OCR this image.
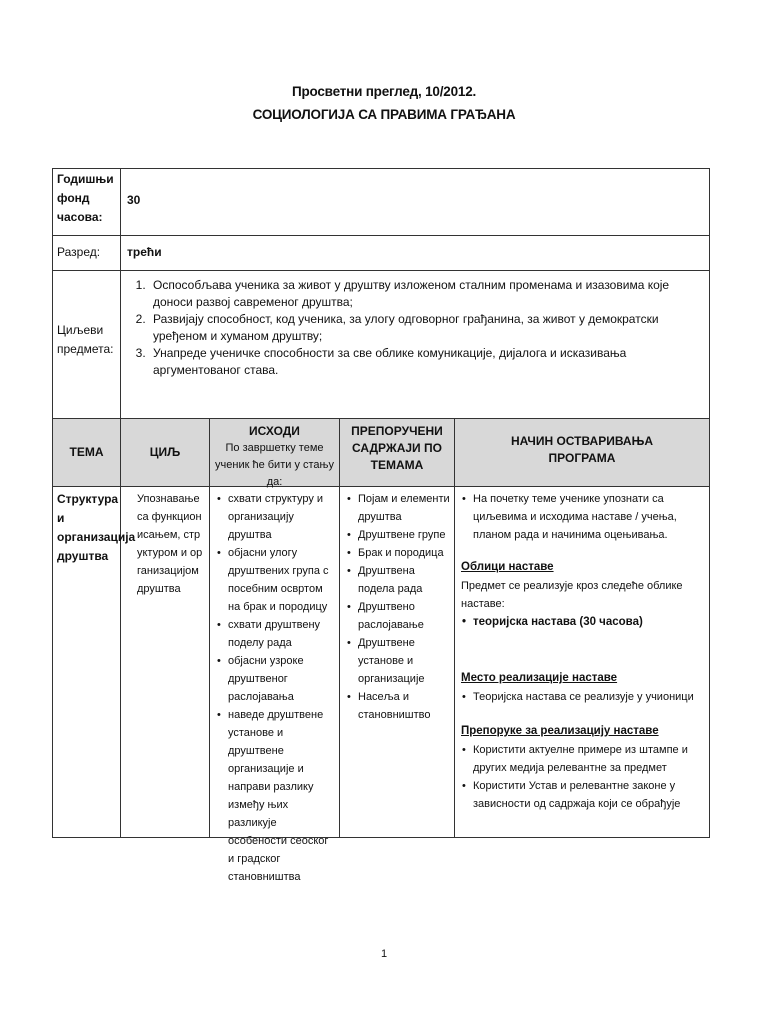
Просветни преглед, 10/2012.
СОЦИОЛОГИЈА СА ПРАВИМА ГРАЂАНА
Годишњи фонд часова:
30
Разред:	трећи
Циљеви предмета:
1. Оспособљава ученика за живот у друштву изложеном сталним променама и изазовима које доноси развој савременог друштва;
2. Развијају способност, код ученика, за улогу одговорног грађанина, за живот у демократски уређеном и хуманом друштву;
3. Унапреде ученичке способности за све облике комуникације, дијалога и исказивања аргументованог става.
ТЕМА	ЦИЉ
ИСХОДИ
По завршетку теме ученик ће бити у стању да:
ПРЕПОРУЧЕНИ САДРЖАЈИ ПО ТЕМАМА
НАЧИН ОСТВАРИВАЊА ПРОГРАМА
Структура и организација друштва
Упознавање са функционисањем, структуром и организацијом друштва
• схвати структуру и организацију друштва
• објасни улогу друштвених група с посебним освртом на брак и породицу
• схвати друштвену поделу рада
• објасни узроке друштвеног раслојавања
• наведе друштвене установе и друштвене организације и направи разлику између њих разликује особености сеоског и градског становништва
• Појам и елементи друштва
• Друштвене групе
• Брак и породица
• Друштвена подела рада
• Друштвено раслојавање
• Друштвене установе и организације
• Насеља и становништво
• На почетку теме ученике упознати са циљевима и исходима наставе / учења, планом рада и начинима оцењивања.
Облици наставе
Предмет се реализује кроз следеће облике наставе:
• теоријска настава (30 часова)
Место реализације наставе
• Теоријска настава се реализује у учионици
Препоруке за реализацију наставе
• Користити актуелне примере из штампе и других медија релевантне за предмет
• Користити Устав и релевантне законе у зависности од садржаја који се обрађује
1
